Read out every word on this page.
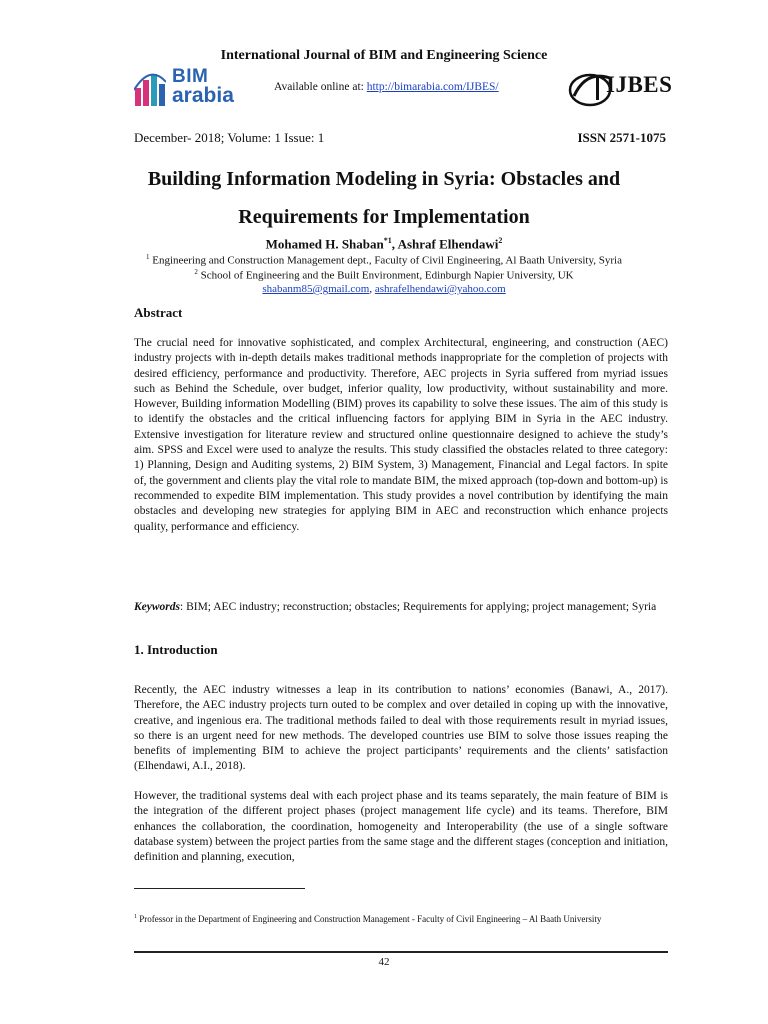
International Journal of BIM and Engineering Science
BIM
arabia	Available online at: http://bimarabia.com/IJBES/	IJBES
December- 2018; Volume: 1 Issue: 1	ISSN 2571-1075
Building Information Modeling in Syria: Obstacles and Requirements for Implementation
Mohamed H. Shaban$^{*1}$, Ashraf Elhendawi$^2$
$^1$ Engineering and Construction Management dept., Faculty of Civil Engineering, Al Baath University, Syria
$^2$ School of Engineering and the Built Environment, Edinburgh Napier University, UK
shabanm85@gmail.com, ashrafelhendawi@yahoo.com
Abstract
The crucial need for innovative sophisticated, and complex Architectural, engineering, and construction (AEC) industry projects with in-depth details makes traditional methods inappropriate for the completion of projects with desired efficiency, performance and productivity. Therefore, AEC projects in Syria suffered from myriad issues such as Behind the Schedule, over budget, inferior quality, low productivity, without sustainability and more. However, Building information Modelling (BIM) proves its capability to solve these issues. The aim of this study is to identify the obstacles and the critical influencing factors for applying BIM in Syria in the AEC industry. Extensive investigation for literature review and structured online questionnaire designed to achieve the study’s aim. SPSS and Excel were used to analyze the results. This study classified the obstacles related to three category: 1) Planning, Design and Auditing systems, 2) BIM System, 3) Management, Financial and Legal factors. In spite of, the government and clients play the vital role to mandate BIM, the mixed approach (top-down and bottom-up) is recommended to expedite BIM implementation. This study provides a novel contribution by identifying the main obstacles and developing new strategies for applying BIM in AEC and reconstruction which enhance projects quality, performance and efficiency.
Keywords: BIM; AEC industry; reconstruction; obstacles; Requirements for applying; project management; Syria
1. Introduction
Recently, the AEC industry witnesses a leap in its contribution to nations’ economies (Banawi, A., 2017). Therefore, the AEC industry projects turn outed to be complex and over detailed in coping up with the innovative, creative, and ingenious era. The traditional methods failed to deal with those requirements result in myriad issues, so there is an urgent need for new methods. The developed countries use BIM to solve those issues reaping the benefits of implementing BIM to achieve the project participants’ requirements and the clients’ satisfaction (Elhendawi, A.I., 2018).
However, the traditional systems deal with each project phase and its teams separately, the main feature of BIM is the integration of the different project phases (project management life cycle) and its teams. Therefore, BIM enhances the collaboration, the coordination, homogeneity and Interoperability (the use of a single software database system) between the project parties from the same stage and the different stages (conception and initiation, definition and planning, execution,
$^1$ Professor in the Department of Engineering and Construction Management - Faculty of Civil Engineering – Al Baath University
42
